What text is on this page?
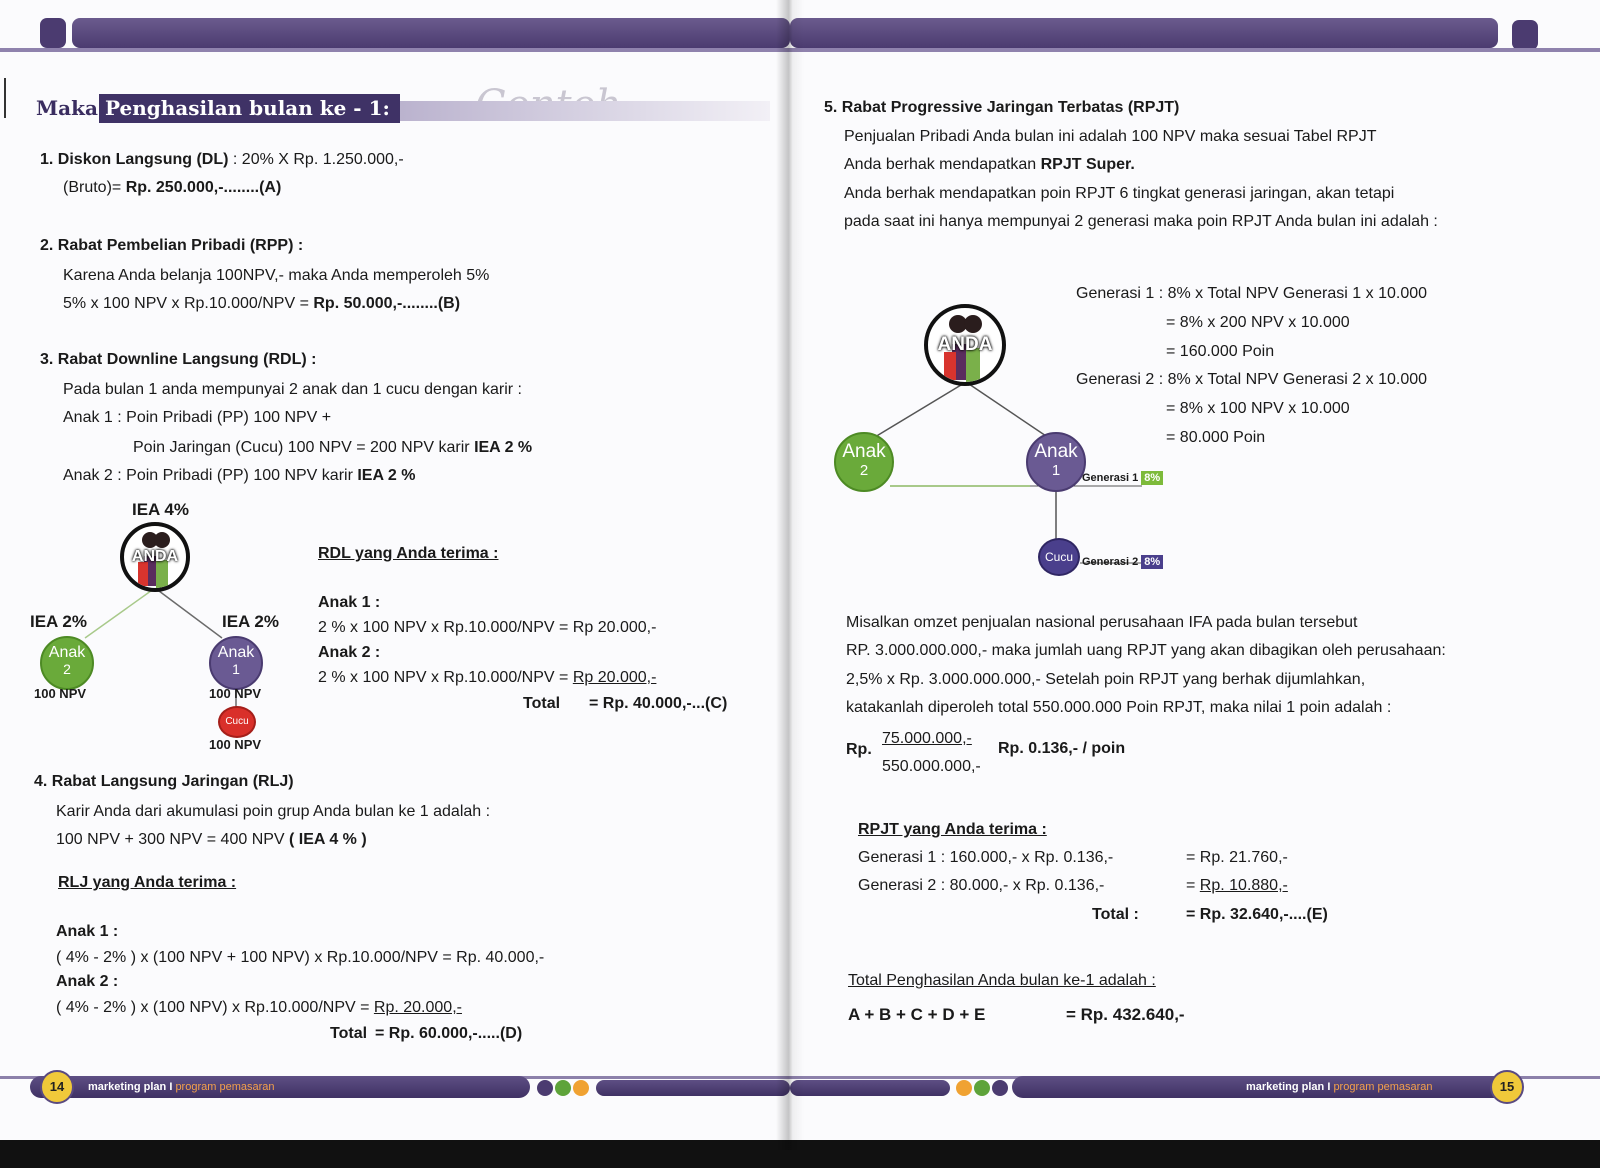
Maka Penghasilan bulan ke - 1:
1. Diskon Langsung (DL) : 20% X Rp. 1.250.000,-
(Bruto)= Rp. 250.000,-........(A)
2. Rabat Pembelian Pribadi (RPP) :
Karena Anda belanja 100NPV,- maka Anda memperoleh 5%
5% x 100 NPV x Rp.10.000/NPV = Rp. 50.000,-........(B)
3. Rabat Downline Langsung (RDL) :
Pada bulan 1 anda mempunyai 2 anak dan 1 cucu dengan karir :
Anak 1 : Poin Pribadi (PP) 100 NPV +
Poin Jaringan (Cucu) 100 NPV = 200 NPV karir IEA 2 %
Anak 2 : Poin Pribadi (PP) 100 NPV karir IEA 2 %
IEA 4%
ANDA
IEA 2%	IEA 2%
Anak
2
Anak
1
100 NPV	100 NPV
Cucu
100 NPV
RDL yang Anda terima :
Anak 1 :
2 % x 100 NPV x Rp.10.000/NPV = Rp 20.000,-
Anak 2 :
2 % x 100 NPV x Rp.10.000/NPV = Rp 20.000,-
Total = Rp. 40.000,-...(C)
4. Rabat Langsung Jaringan (RLJ)
Karir Anda dari akumulasi poin grup Anda bulan ke 1 adalah :
100 NPV + 300 NPV = 400 NPV ( IEA 4 % )
RLJ yang Anda terima :
Anak 1 :
( 4% - 2% ) x (100 NPV + 100 NPV) x Rp.10.000/NPV = Rp. 40.000,-
Anak 2 :
( 4% - 2% ) x (100 NPV) x Rp.10.000/NPV = Rp. 20.000,-
Total = Rp. 60.000,-.....(D)
14	marketing plan I program pemasaran
5. Rabat Progressive Jaringan Terbatas (RPJT)
Penjualan Pribadi Anda bulan ini adalah 100 NPV maka sesuai Tabel RPJT
Anda berhak mendapatkan RPJT Super.
Anda berhak mendapatkan poin RPJT 6 tingkat generasi jaringan, akan tetapi
pada saat ini hanya mempunyai 2 generasi maka poin RPJT Anda bulan ini adalah :
Generasi 1 : 8% x Total NPV Generasi 1 x 10.000
= 8% x 200 NPV x 10.000
= 160.000 Poin
Generasi 2 : 8% x Total NPV Generasi 2 x 10.000
= 8% x 100 NPV x 10.000
= 80.000 Poin
ANDA
Anak
2
Anak
1	Generasi 1 8%
Cucu Generasi 2 8%
Misalkan omzet penjualan nasional perusahaan IFA pada bulan tersebut
RP. 3.000.000.000,- maka jumlah uang RPJT yang akan dibagikan oleh perusahaan:
2,5% x Rp. 3.000.000.000,- Setelah poin RPJT yang berhak dijumlahkan,
katakanlah diperoleh total 550.000.000 Poin RPJT, maka nilai 1 poin adalah :
Rp.
75.000.000,-
550.000.000,-
Rp. 0.136,- / poin
RPJT yang Anda terima :
Generasi 1 : 160.000,- x Rp. 0.136,-	= Rp. 21.760,-
Generasi 2 : 80.000,- x Rp. 0.136,-	= Rp. 10.880,-
Total :	= Rp. 32.640,-....(E)
Total Penghasilan Anda bulan ke-1 adalah :
A + B + C + D + E	= Rp. 432.640,-
marketing plan I program pemasaran	15
